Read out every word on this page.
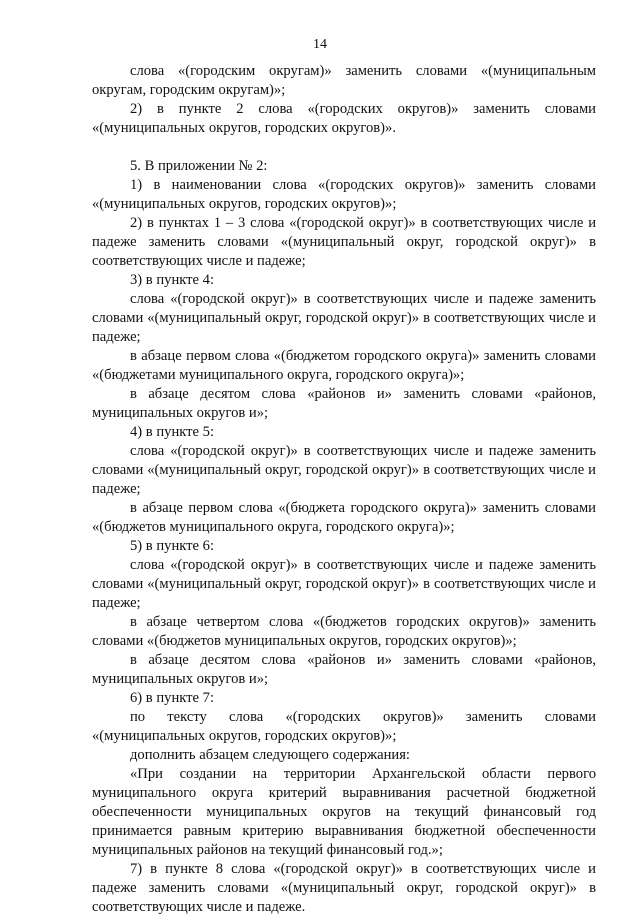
14

слова «(городским округам)» заменить словами «(муниципальным округам, городским округам)»;

2) в пункте 2 слова «(городских округов)» заменить словами «(муниципальных округов, городских округов)».

5. В приложении № 2:

1) в наименовании слова «(городских округов)» заменить словами «(муниципальных округов, городских округов)»;

2) в пунктах 1 – 3 слова «(городской округ)» в соответствующих числе и падеже заменить словами «(муниципальный округ, городской округ)» в соответствующих числе и падеже;

3) в пункте 4:

слова «(городской округ)» в соответствующих числе и падеже заменить словами «(муниципальный округ, городской округ)» в соответствующих числе и падеже;

в абзаце первом слова «(бюджетом городского округа)» заменить словами «(бюджетами муниципального округа, городского округа)»;

в абзаце десятом слова «районов и» заменить словами «районов, муниципальных округов и»;

4) в пункте 5:

слова «(городской округ)» в соответствующих числе и падеже заменить словами «(муниципальный округ, городской округ)» в соответствующих числе и падеже;

в абзаце первом слова «(бюджета городского округа)» заменить словами «(бюджетов муниципального округа, городского округа)»;

5) в пункте 6:

слова «(городской округ)» в соответствующих числе и падеже заменить словами «(муниципальный округ, городской округ)» в соответствующих числе и падеже;

в абзаце четвертом слова «(бюджетов городских округов)» заменить словами «(бюджетов муниципальных округов, городских округов)»;

в абзаце десятом слова «районов и» заменить словами «районов, муниципальных округов и»;

6) в пункте 7:

по тексту слова «(городских округов)» заменить словами «(муниципальных округов, городских округов)»;

дополнить абзацем следующего содержания:

«При создании на территории Архангельской области первого муниципального округа критерий выравнивания расчетной бюджетной обеспеченности муниципальных округов на текущий финансовый год принимается равным критерию выравнивания бюджетной обеспеченности муниципальных районов на текущий финансовый год.»;

7) в пункте 8 слова «(городской округ)» в соответствующих числе и падеже заменить словами «(муниципальный округ, городской округ)» в соответствующих числе и падеже.
